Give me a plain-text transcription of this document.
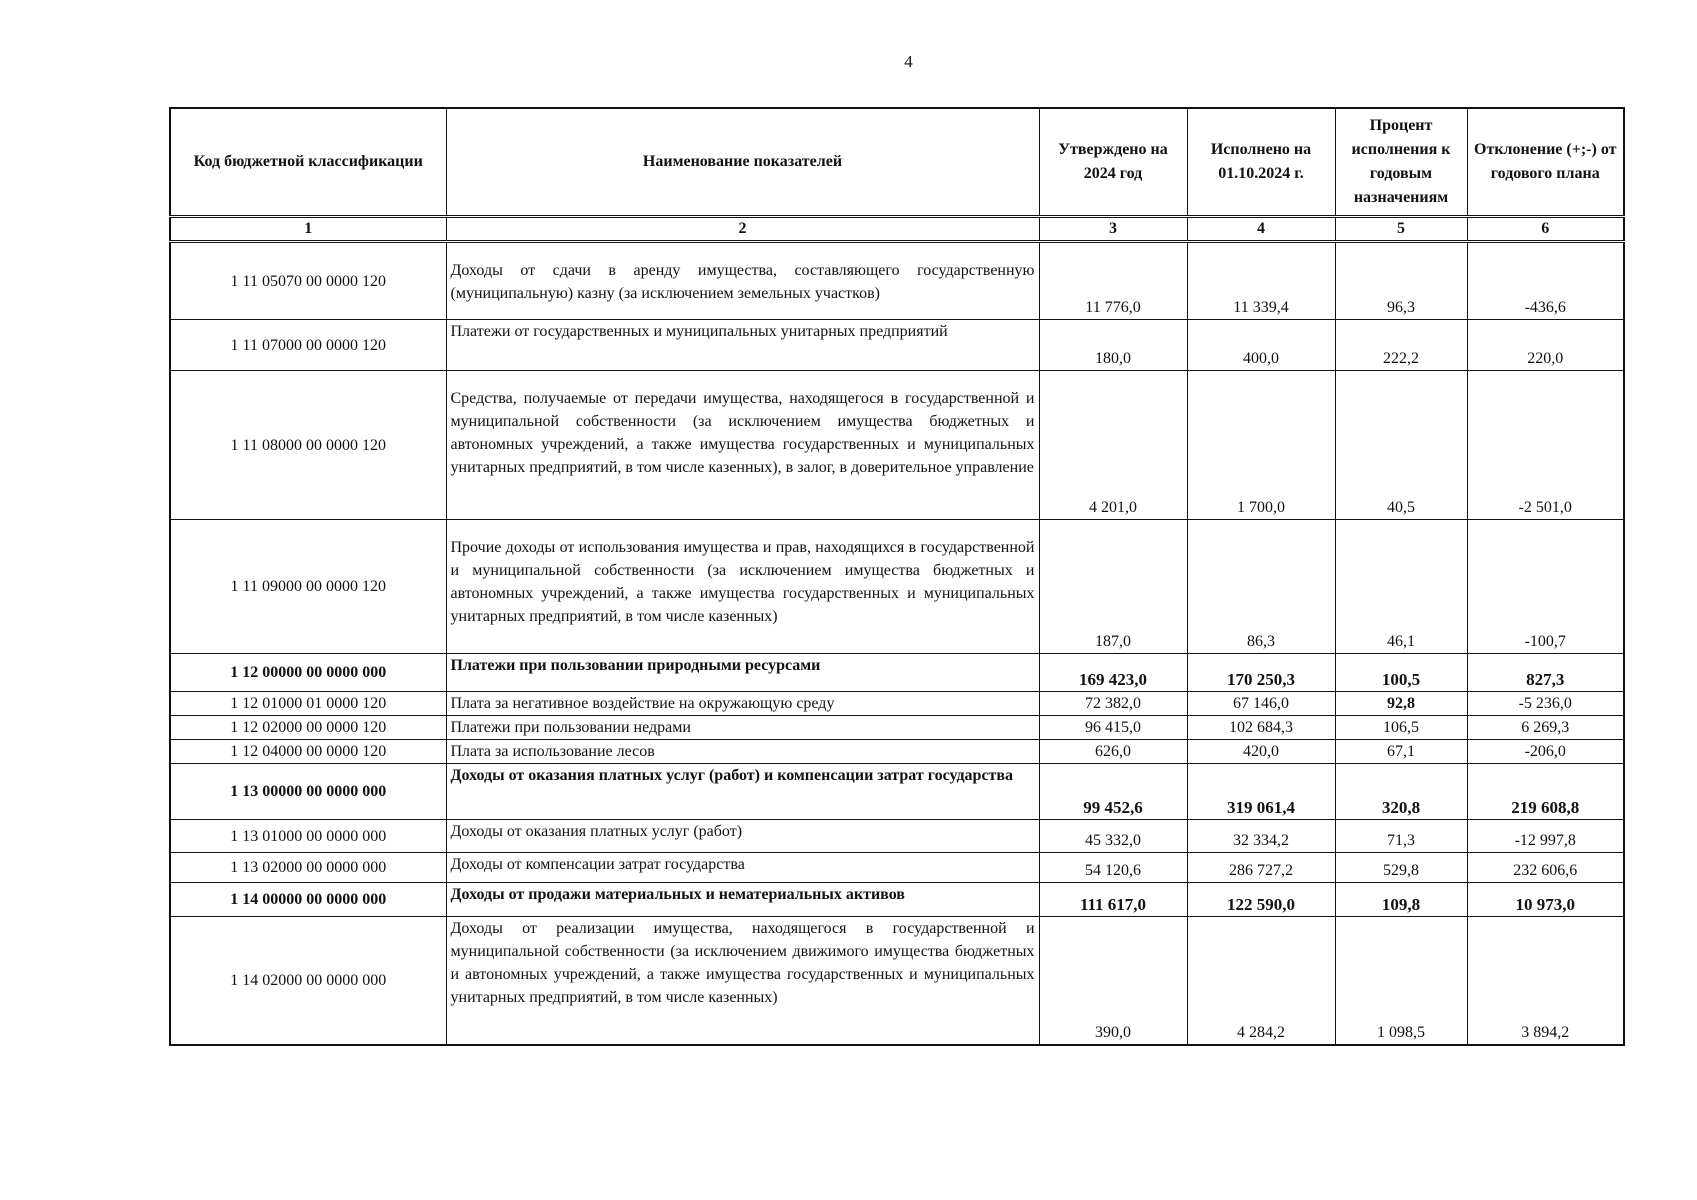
4
Код бюджетной классификации	Наименование показателей	Утверждено на 2024 год	Исполнено на 01.10.2024 г.	Процент исполнения к годовым назначениям	Отклонение (+;-) от годового плана
1	2	3	4	5	6
1 11 05070 00 0000 120	Доходы от сдачи в аренду имущества, составляющего государственную (муниципальную) казну (за исключением земельных участков)	11 776,0	11 339,4	96,3	-436,6
1 11 07000 00 0000 120	Платежи от государственных и муниципальных унитарных предприятий	180,0	400,0	222,2	220,0
1 11 08000 00 0000 120	Средства, получаемые от передачи имущества, находящегося в государственной и муниципальной собственности (за исключением имущества бюджетных и автономных учреждений, а также имущества государственных и муниципальных унитарных предприятий, в том числе казенных), в залог, в доверительное управление	4 201,0	1 700,0	40,5	-2 501,0
1 11 09000 00 0000 120	Прочие доходы от использования имущества и прав, находящихся в государственной и муниципальной собственности (за исключением имущества бюджетных и автономных учреждений, а также имущества государственных и муниципальных унитарных предприятий, в том числе казенных)	187,0	86,3	46,1	-100,7
1 12 00000 00 0000 000	Платежи при пользовании природными ресурсами	169 423,0	170 250,3	100,5	827,3
1 12 01000 01 0000 120	Плата за негативное воздействие на окружающую среду	72 382,0	67 146,0	92,8	-5 236,0
1 12 02000 00 0000 120	Платежи при пользовании недрами	96 415,0	102 684,3	106,5	6 269,3
1 12 04000 00 0000 120	Плата за использование лесов	626,0	420,0	67,1	-206,0
1 13 00000 00 0000 000	Доходы от оказания платных услуг (работ) и компенсации затрат государства	99 452,6	319 061,4	320,8	219 608,8
1 13 01000 00 0000 000	Доходы от оказания платных услуг (работ)	45 332,0	32 334,2	71,3	-12 997,8
1 13 02000 00 0000 000	Доходы от компенсации затрат государства	54 120,6	286 727,2	529,8	232 606,6
1 14 00000 00 0000 000	Доходы от продажи материальных и нематериальных активов	111 617,0	122 590,0	109,8	10 973,0
1 14 02000 00 0000 000	Доходы от реализации имущества, находящегося в государственной и муниципальной собственности (за исключением движимого имущества бюджетных и автономных учреждений, а также имущества государственных и муниципальных унитарных предприятий, в том числе казенных)	390,0	4 284,2	1 098,5	3 894,2
